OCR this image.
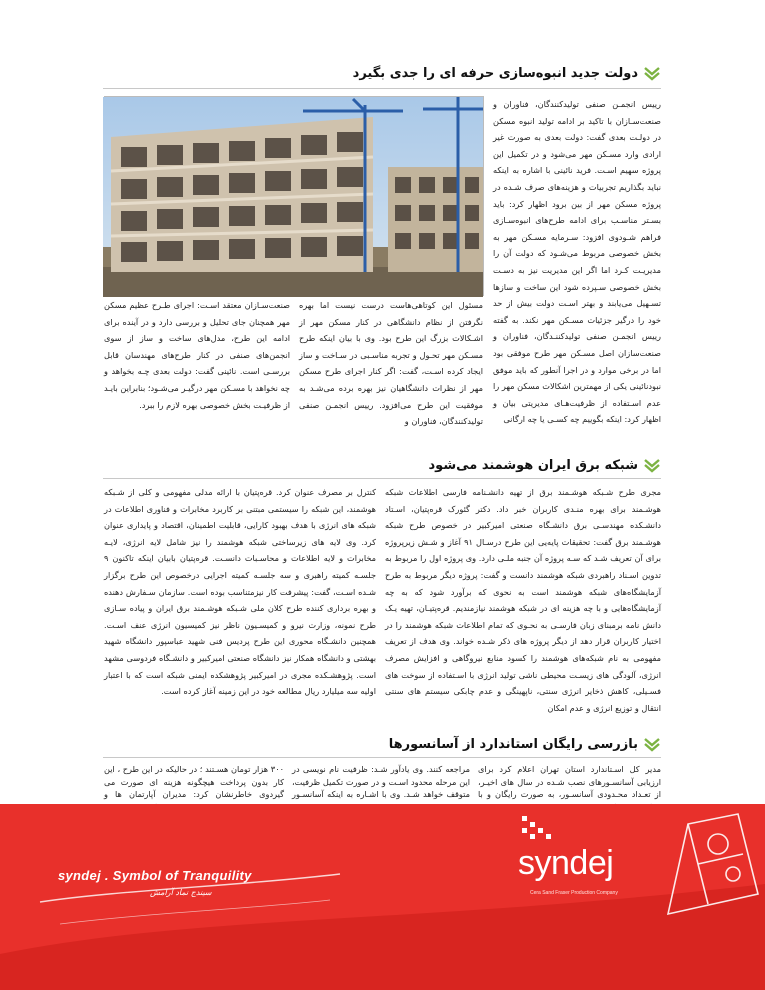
دولت جدید انبوه‌سازی حرفه ای را جدی بگیرد
رییس انجمـن صنفی تولیدکنندگان، فناوران و صنعت‌سـازان با تاکید بر ادامه تولید انبوه مسکن در دولـت بعدی گفت: دولت بعدی به صورت غیر ارادی وارد مسـکن مهر می‌شود و در تکمیل این پروژه سهیم اسـت. فرید نائینی با اشاره به اینکه نباید بگذاریم تجربیات و هزینه‌های صرف شـده در پروژه مسکن مهر از بین برود اظهار کرد: باید بسـتر مناسـب برای ادامه طرح‌های انبوه‌سـازی فراهم شـودوی افزود: سـرمایه مسـکن مهر به بخش خصوصی مربوط می‌شـود که دولت آن را مدیریـت کـرد اما اگر این مدیریت نیز به دسـت بخش خصوصی سـپرده شود این ساخت و سازها تسـهیل می‌یابند و بهتر اسـت دولت بیش از حد خود را درگیر جزئیات مسـکن مهر نکند. به گفته رییس انجمـن صنفی تولیدکننـدگان، فناوران و صنعت‌سازان اصل مسـکن مهر طرح موفقی بود اما در برخی موارد و در اجرا آنطور که باید موفق نبودنائینی یکی از مهمترین اشکالات مسکن مهر را عدم اسـتفاده از ظرفیت‌هـای مدیریتی بیان و اظهار کرد: اینکه بگوییم چه کسـی یا چه ارگانی
مسئول این کوتاهی‌هاست درست نیست اما بهره نگرفتن از نظام دانشگاهی در کنار مسکن مهر از اشـکالات بزرگ این طرح بود. وی با بیان اینکه طرح مسـکن مهر تحـول و تجربه مناسـبی در سـاخت و ساز ایجاد کرده اسـت، گفت: اگر کنار اجرای طرح مسکن مهر از نظرات دانشگاهیان نیز بهره برده می‌شـد به موفقیت این طرح می‌افزود. رییس انجمـن صنفی تولیدکنندگان، فناوران و
صنعت‌سـازان معتقد اسـت: اجرای طـرح عظیم مسکن مهر همچنان جای تحلیل و بررسی دارد و در آینده برای ادامه این طرح، مدل‌های ساخت و ساز از سوی انجمن‌های صنفی در کنار طرح‌های مهندسان قابل بررسـی است. نائینی گفت: دولت بعدی چـه بخواهد و چه نخواهد با مسـکن مهر درگیـر می‌شـود؛ بنابراین بایـد از ظرفیـت بخش خصوصی بهره لازم را ببرد.
شبکه برق ایران هوشمند می‌شود
مجری طرح شـبکه هوشـمند برق از تهیه دانشـنامه فارسی اطلاعات شبکه هوشـمند برای بهره منـدی کاربران خبر داد. دکتر گئورک قره‌پتیان، اسـتاد دانشـکده مهندسـی برق دانشـگاه صنعتی امیرکبیر در خصوص طرح شبکه هوشـمند برق گفت: تحقیقات پایه‌یی این طرح درسـال ۹۱ آغاز و شـش زیرپروژه برای آن تعریف شـد که سـه پروژه آن جنبه ملـی دارد. وی پروژه اول را مربوط به تدوین اسـناد راهبردی شبکه هوشمند دانست و گفت: پروژه دیگر مربوط به طرح آزمایشگاه‌های شبکه هوشمند است به نحوی که برآورد شود که به چه آزمایشگاه‌هایی و با چه هزینه ای در شبکه هوشمند نیازمندیم. قره‌پتیـان، تهیه یـک دانش نامه برمبنای زبان فارسـی به نحـوی که تمام اطلاعات شبکه هوشمند را در اختیار کاربران قرار دهد از دیگر پروژه های ذکر شـده خواند. وی هدف از تعریف مفهومی به نام شبکه‌های هوشمند را کسود منابع نیروگاهی و افزایش مصرف انرژی، آلودگی های زیسـت محیطی ناشی تولید انرژی با اسـتفاده از سوخت های فسـیلی، کاهش ذخایر انرژی سنتی، ناپهینگی و عدم چابکی سیستم های سنتی انتقال و توزیع انرژی و عدم امکان
کنترل بر مصرف عنوان کرد. قره‌پتیان با ارائه مدلی مفهومی و کلی از شـبکه هوشمند، این شبکه را سیستمی مبتنی بر کاربرد مخابرات و فناوری اطلاعات در شبکه های انرژی با هدف بهبود کارایی، قابلیت اطمینان، اقتصاد و پایداری عنوان کرد. وی لایه های زیرساختی شبکه هوشمند را نیز شامل لایه انرژی، لایـه مخابرات و لایه اطلاعات و محاسـبات دانسـت. قره‌پتیان بابیان اینکه تاکنون ۹ جلسـه کمیته راهبری و سه جلسـه کمیته اجرایی درخصوص این طرح برگزار شـده اسـت، گفت: پیشرفت کار نیزمتناسب بوده است. سازمان سـفارش دهنده و بهره بردار‌ی کننده طرح کلان ملی شـبکه هوشـمند برق ایران و پیاده سـازی طرح نمونه، وزارت نیرو و کمیسـیون ناظر نیز کمیسیون انرژی عنف اسـت. همچنین دانشـگاه محوری این طرح پردیس فنی شهید عباسپور دانشگاه شهید بهشتی و دانشگاه همکار نیز دانشگاه صنعتی امیرکبیر و دانشـگاه فردوسی مشهد است. پژوهشـکده مجری در امیرکبیر پژوهشکده ایمنی شبکه است که با اعتبار اولیه سه میلیارد ریال مطالعه خود در این زمینه آغاز کرده است.
بازرسی رایگان استاندارد از آسانسورها
مدیر کل اسـتاندارد استان تهران اعلام کرد برای ارزیابی آسانسـورهای نصب شـده در سال های اخیـر، از تعـداد محـدودی آسانسـور، به صورت رایگان و با
مراجعه کنند. وی یادآور شـد: ظرفیت نام نویسی در این مرحله محدود اسـت و در صورت تکمیل ظرفیت، متوقف خواهد شـد. وی با اشـاره به اینکه آسانسـور
۳۰۰ هزار تومان هسـتند ؛ در حالیکه در این طرح ، این کار بدون پرداخت هیچگونه هزینه ای صورت می گیردوی خاطرنشان کرد: مدیران آپارتمان ها و
syndej . Symbol of Tranquility
سیندج نماد آرامش
syndej
Cera Sand Fraser Production Company
